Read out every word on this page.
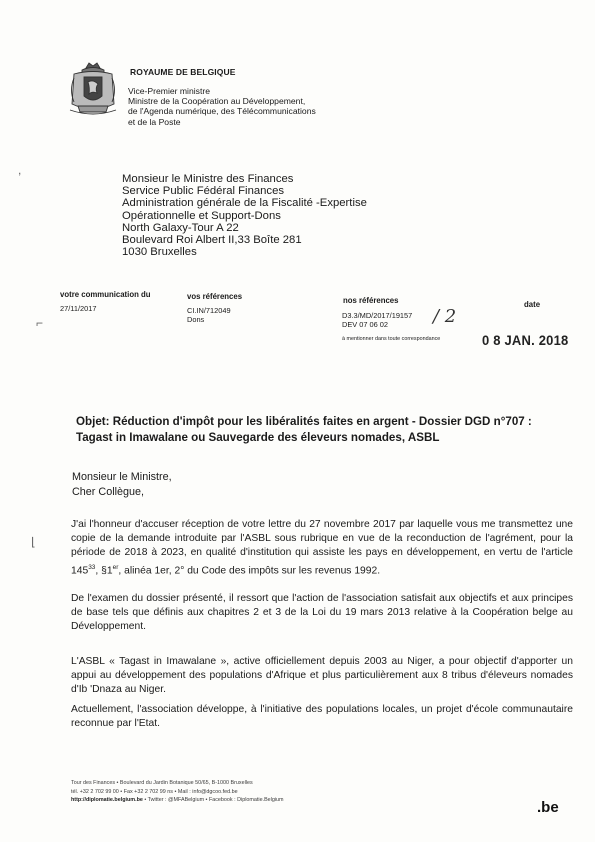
ROYAUME DE BELGIQUE
Vice-Premier ministre
Ministre de la Coopération au Développement,
de l'Agenda numérique, des Télécommunications
et de la Poste
,
Monsieur le Ministre des Finances
Service Public Fédéral Finances
Administration générale de la Fiscalité -Expertise
Opérationnelle et Support-Dons
North Galaxy-Tour A 22
Boulevard Roi Albert II,33 Boîte 281
1030 Bruxelles
votre communication du
27/11/2017
vos références
CI.IN/712049
Dons
nos références
D3.3/MD/2017/19157
DEV 07 06 02	/ 2
à mentionner dans toute correspondance
date
0 8 JAN. 2018
⌐
Objet: Réduction d'impôt pour les libéralités faites en argent - Dossier DGD n°707 : Tagast in Imawalane ou Sauvegarde des éleveurs nomades, ASBL
Monsieur le Ministre,
Cher Collègue,
⌊
J'ai l'honneur d'accuser réception de votre lettre du 27 novembre 2017 par laquelle vous me transmettez une copie de la demande introduite par l'ASBL sous rubrique en vue de la reconduction de l'agrément, pour la période de 2018 à 2023, en qualité d'institution qui assiste les pays en développement, en vertu de l'article $145^{33}$, §1er, alinéa 1er, 2° du Code des impôts sur les revenus 1992.
De l'examen du dossier présenté, il ressort que l'action de l'association satisfait aux objectifs et aux principes de base tels que définis aux chapitres 2 et 3 de la Loi du 19 mars 2013 relative à la Coopération belge au Développement.
L'ASBL « Tagast in Imawalane », active officiellement depuis 2003 au Niger, a pour objectif d'apporter un appui au développement des populations d'Afrique et plus particulièrement aux 8 tribus d'éleveurs nomades d'Ib 'Dnaza au Niger.
Actuellement, l'association développe, à l'initiative des populations locales, un projet d'école communautaire reconnue par l'Etat.
Tour des Finances • Boulevard du Jardin Botanique 50/65, B-1000 Bruxelles
tél. +32 2 702 99 00 • Fax +32 2 702 99 ns • Mail : info@dgcoo.fed.be
http://diplomatie.belgium.be • Twitter : @MFABelgium • Facebook : Diplomatie.Belgium	.be
